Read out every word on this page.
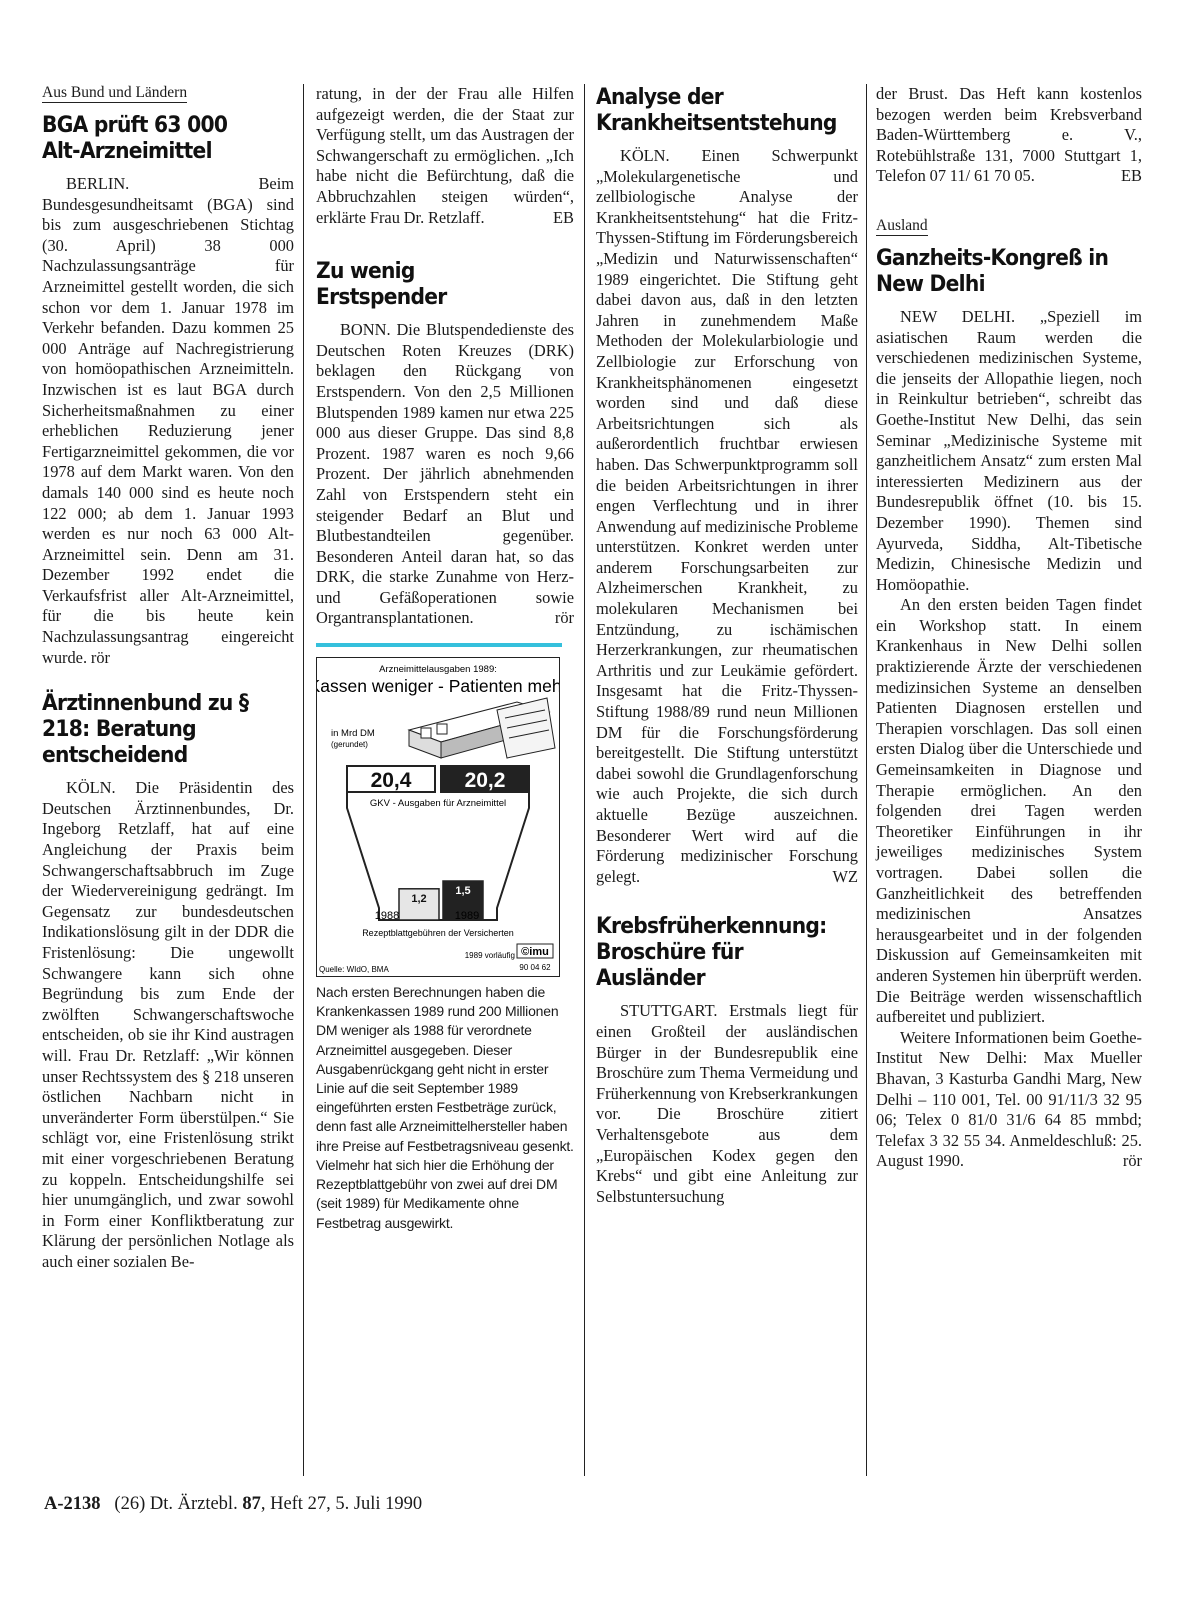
Aus Bund und Ländern
BGA prüft 63 000 Alt-Arzneimittel

BERLIN. Beim Bundesgesundheitsamt (BGA) sind bis zum ausgeschriebenen Stichtag (30. April) 38 000 Nachzulassungsanträge für Arzneimittel gestellt worden, die sich schon vor dem 1. Januar 1978 im Verkehr befanden. Dazu kommen 25 000 Anträge auf Nachregistrierung von homöopathischen Arzneimitteln. Inzwischen ist es laut BGA durch Sicherheitsmaßnahmen zu einer erheblichen Reduzierung jener Fertigarzneimittel gekommen, die vor 1978 auf dem Markt waren. Von den damals 140 000 sind es heute noch 122 000; ab dem 1. Januar 1993 werden es nur noch 63 000 Alt-Arzneimittel sein. Denn am 31. Dezember 1992 endet die Verkaufsfrist aller Alt-Arzneimittel, für die bis heute kein Nachzulassungsantrag eingereicht wurde. rör

Ärztinnenbund zu § 218: Beratung entscheidend

KÖLN. Die Präsidentin des Deutschen Ärztinnenbundes, Dr. Ingeborg Retzlaff, hat auf eine Angleichung der Praxis beim Schwangerschaftsabbruch im Zuge der Wiedervereinigung gedrängt. Im Gegensatz zur bundesdeutschen Indikationslösung gilt in der DDR die Fristenlösung: Die ungewollt Schwangere kann sich ohne Begründung bis zum Ende der zwölften Schwangerschaftswoche entscheiden, ob sie ihr Kind austragen will. Frau Dr. Retzlaff: „Wir können unser Rechtssystem des § 218 unseren östlichen Nachbarn nicht in unveränderter Form überstülpen.“ Sie schlägt vor, eine Fristenlösung strikt mit einer vorgeschriebenen Beratung zu koppeln. Entscheidungshilfe sei hier unumgänglich, und zwar sowohl in Form einer Konfliktberatung zur Klärung der persönlichen Notlage als auch einer sozialen Be-

ratung, in der der Frau alle Hilfen aufgezeigt werden, die der Staat zur Verfügung stellt, um das Austragen der Schwangerschaft zu ermöglichen. „Ich habe nicht die Befürchtung, daß die Abbruchzahlen steigen würden“, erklärte Frau Dr. Retzlaff.	EB

Zu wenig Erstspender

BONN. Die Blutspendedienste des Deutschen Roten Kreuzes (DRK) beklagen den Rückgang von Erstspendern. Von den 2,5 Millionen Blutspenden 1989 kamen nur etwa 225 000 aus dieser Gruppe. Das sind 8,8 Prozent. 1987 waren es noch 9,66 Prozent. Der jährlich abnehmenden Zahl von Erstspendern steht ein steigender Bedarf an Blut und Blutbestandteilen gegenüber. Besonderen Anteil daran hat, so das DRK, die starke Zunahme von Herz- und Gefäßoperationen sowie Organtransplantationen.	rör

Arzneimittelausgaben 1989:
Kassen weniger - Patienten mehr
in Mrd DM
(gerundet)
20,4	20,2
1,2
1988
1,5
1989
GKV - Ausgaben für Arzneimittel
Rezeptblattgebühren der Versicherten
1989 vorläufig ©imu
90 04 62
Quelle: WIdO, BMA
Nach ersten Berechnungen haben die Krankenkassen 1989 rund 200 Millionen DM weniger als 1988 für verordnete Arzneimittel ausgegeben. Dieser Ausgabenrückgang geht nicht in erster Linie auf die seit September 1989 eingeführten ersten Festbeträge zurück, denn fast alle Arzneimittelhersteller haben ihre Preise auf Festbetragsniveau gesenkt. Vielmehr hat sich hier die Erhöhung der Rezeptblattgebühr von zwei auf drei DM (seit 1989) für Medikamente ohne Festbetrag ausgewirkt.
Analyse der Krankheitsentstehung

KÖLN. Einen Schwerpunkt „Molekulargenetische und zellbiologische Analyse der Krankheitsentstehung“ hat die Fritz-Thyssen-Stiftung im Förderungsbereich „Medizin und Naturwissenschaften“ 1989 eingerichtet. Die Stiftung geht dabei davon aus, daß in den letzten Jahren in zunehmendem Maße Methoden der Molekularbiologie und Zellbiologie zur Erforschung von Krankheitsphänomenen eingesetzt worden sind und daß diese Arbeitsrichtungen sich als außerordentlich fruchtbar erwiesen haben. Das Schwerpunktprogramm soll die beiden Arbeitsrichtungen in ihrer engen Verflechtung und in ihrer Anwendung auf medizinische Probleme unterstützen. Konkret werden unter anderem Forschungsarbeiten zur Alzheimerschen Krankheit, zu molekularen Mechanismen bei Entzündung, zu ischämischen Herzerkrankungen, zur rheumatischen Arthritis und zur Leukämie gefördert. Insgesamt hat die Fritz-Thyssen-Stiftung 1988/89 rund neun Millionen DM für die Forschungsförderung bereitgestellt. Die Stiftung unterstützt dabei sowohl die Grundlagenforschung wie auch Projekte, die sich durch aktuelle Bezüge auszeichnen. Besonderer Wert wird auf die Förderung medizinischer Forschung gelegt.	WZ

Krebsfrüherkennung: Broschüre für Ausländer

STUTTGART. Erstmals liegt für einen Großteil der ausländischen Bürger in der Bundesrepublik eine Broschüre zum Thema Vermeidung und Früherkennung von Krebserkrankungen vor. Die Broschüre zitiert Verhaltensgebote aus dem „Europäischen Kodex gegen den Krebs“ und gibt eine Anleitung zur Selbstuntersuchung

der Brust. Das Heft kann kostenlos bezogen werden beim Krebsverband Baden-Württemberg e. V., Rotebühlstraße 131, 7000 Stuttgart 1, Telefon 07 11/ 61 70 05.	EB

Ausland
Ganzheits-Kongreß in New Delhi

NEW DELHI. „Speziell im asiatischen Raum werden die verschiedenen medizinischen Systeme, die jenseits der Allopathie liegen, noch in Reinkultur betrieben“, schreibt das Goethe-Institut New Delhi, das sein Seminar „Medizinische Systeme mit ganzheitlichem Ansatz“ zum ersten Mal interessierten Medizinern aus der Bundesrepublik öffnet (10. bis 15. Dezember 1990). Themen sind Ayurveda, Siddha, Alt-Tibetische Medizin, Chinesische Medizin und Homöopathie.

An den ersten beiden Tagen findet ein Workshop statt. In einem Krankenhaus in New Delhi sollen praktizierende Ärzte der verschiedenen medizinsichen Systeme an denselben Patienten Diagnosen erstellen und Therapien vorschlagen. Das soll einen ersten Dialog über die Unterschiede und Gemeinsamkeiten in Diagnose und Therapie ermöglichen. An den folgenden drei Tagen werden Theoretiker Einführungen in ihr jeweiliges medizinisches System vortragen. Dabei sollen die Ganzheitlichkeit des betreffenden medizinischen Ansatzes herausgearbeitet und in der folgenden Diskussion auf Gemeinsamkeiten mit anderen Systemen hin überprüft werden. Die Beiträge werden wissenschaftlich aufbereitet und publiziert.

Weitere Informationen beim Goethe-Institut New Delhi: Max Mueller Bhavan, 3 Kasturba Gandhi Marg, New Delhi – 110 001, Tel. 00 91/11/3 32 95 06; Telex 0 81/0 31/6 64 85 mmbd; Telefax 3 32 55 34. Anmeldeschluß: 25. August 1990.	rör

A-2138 (26) Dt. Ärztebl. 87, Heft 27, 5. Juli 1990
